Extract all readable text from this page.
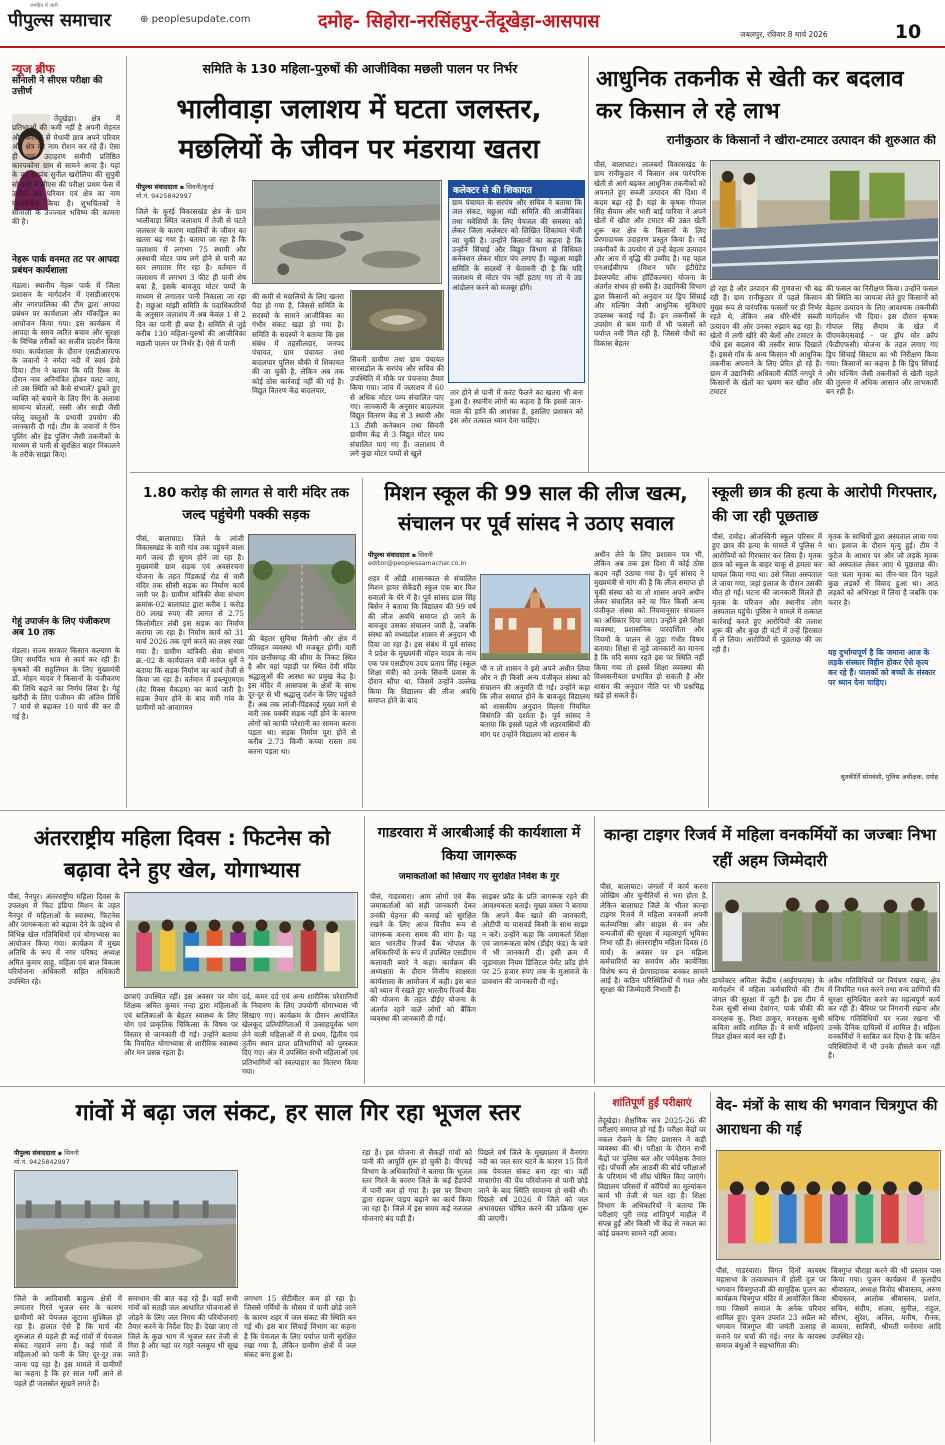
पीपुल्स समाचार
जनहित में जारी
⊕ peoplesupdate.com	दमोह- सिहोरा-नरसिंहपुर-तेंदूखेड़ा-आसपास
जबलपुर, रविवार 8 मार्च 2026	10
न्यूज ब्रीफ
सोनाली ने सीएस परीक्षा की उत्तीर्ण
तेंदूखेड़ा। क्षेत्र में प्रतिभाओं की कमी नहीं है अपनी मेहनत और परिश्रम से मेधावी छात्र अपने परिवार और क्षेत्र का नाम रोशन कर रहे हैं। ऐसा ही एक उदाहरण समीपी प्रतिष्ठित कारपकोना ग्राम से सामने आया है। यहां के पूर्व सरपंच सुनील खरोलिया की सुपुत्री सोनाली ने सीएस की परीक्षा प्रथम फेस में उत्तीर्ण कर परिवार एवं क्षेत्र का नाम गौरवान्वित किया है। शुभचिंतकों ने सोनाली के उज्ज्वल भविष्य की कामना की है।
नेहरू पार्क वनमत तट पर आपदा प्रबंधन कार्यशाला
मंडला। स्थानीय नेहरू पार्क में जिला प्रशासन के मार्गदर्शन में एसडीआरएफ और नगरपालिका की टीम द्वारा आपदा प्रबंधन पर कार्यशाला और मॉकड्रिल का आयोजन किया गया। इस कार्यक्रम में आपदा के समय त्वरित बचाव और सुरक्षा के विभिन्न तरीकों का सजीव प्रदर्शन किया गया। कार्यशाला के दौरान एसडीआरएफ के जवानों ने नर्मदा नदी में स्वयं डेमो दिया। टीम ने बताया कि यदि रिस्क के दौरान नाव अनियंत्रित होकर पलट जाए, तो उस स्थिति को कैसे संभालें? डूबते हुए व्यक्ति को बचाने के लिए रिंग के अलावा सामान्य बोतलों, रस्सी और साड़ी जैसी घरेलू वस्तुओं के प्रभावी उपयोग की जानकारी दी गई। टीम के जवानों ने पिन पुलिंग और हेड पुलिंग जैसी तकनीकों के माध्यम से पानी से सुरक्षित बाहर निकालने के तरीके साझा किए।
गेहूं उपार्जन के लिए पंजीकरण अब 10 तक
मंडला। राज्य सरकार किसान कल्याण के लिए समर्पित भाव से कार्य कर रही है। कृषकों की सहूलियत के लिए मुख्यमंत्री डॉ. मोहन यादव ने किसानों के पंजीकरण की तिथि बढ़ाने का निर्णय लिया है। गेहूं खरीदी के लिए पंजीयन की अंतिम तिथि 7 मार्च से बढ़ाकर 10 मार्च की कर दी गई है।
समिति के 130 महिला-पुरुषों की आजीविका मछली पालन पर निर्भर
भालीवाड़ा जलाशय में घटता जलस्तर, मछलियों के जीवन पर मंडराया खतरा
पीपुल्स संवाददाता ▪ सिवनी/कुरई
मो.नं. 9425842997	कलेक्टर से की शिकायत
ग्राम पंचायत के सरपंच और सचिव ने बताया कि जल संकट, मछुआ मंडी समिति की आजीविका तथा मवेशियों के लिए पेयजल की समस्या को लेकर जिला कलेक्टर को लिखित शिकायत भेजी जा चुकी है। उन्होंने किसानों का कहना है कि उन्होंने सिंचाई और विद्युत विभाग से विधिवत कनेक्शन लेकर मोटर पंप लगाए हैं। मछुआ माझी समिति के सदस्यों ने चेतावनी दी है कि यदि जलाशय से मोटर पंप नहीं हटाए गए तो वे उग्र आंदोलन करने को मजबूर होंगे।
जिले के कुरई विकासखंड क्षेत्र के ग्राम भालीवाड़ा स्थित जलाशय में तेजी से घटते जलस्तर के कारण मछलियों के जीवन का खतरा बढ़ गया है। बताया जा रहा है कि जलाशय में लगभग 75 स्थायी और अस्थायी मोटर पम्प लगे होने से पानी का स्तर लगातार गिर रहा है। वर्तमान में जलाशय में लगभग 3 फीट ही पानी शेष बचा है, इसके बावजूद मोटर पम्पों के माध्यम से लगातार पानी निकाला जा रहा है। मछुआ मांझी समिति के पदाधिकारियों के अनुसार जलाशय में अब केवल 1 से 2 दिन का पानी ही बचा है। समिति से जुड़े करीब 130 महिला-पुरुषों की आजीविका मछली पालन पर निर्भर है। ऐसे में पानी
की कमी से मछलियों के लिए खतरा पैदा हो गया है, जिससे समिति के सदस्यों के सामने आजीविका का गंभीर संकट खड़ा हो गया है। समिति के सदस्यों ने बताया कि इस संबंध में तहसीलदार, जनपद पंचायत, ग्राम पंचायत तथा बादलपार पुलिस चौकी में शिकायत की जा चुकी है, लेकिन अब तक कोई ठोस कार्रवाई नहीं की गई है। विद्युत वितरण केंद्र बादलपार,
सिवनी ग्रामीण तथा ग्राम पंचायत सारसडोल के सरपंच और सचिव की उपस्थिति में मौके पर पंचनामा तैयार किया गया। जांच में जलाशय में 60 से अधिक मोटर पम्प संचालित पाए गए। जानकारी के अनुसार बादलपार विद्युत वितरण केंद्र से 3 स्थायी और 13 टीसी कनेक्शन तथा सिवनी ग्रामीण केंद्र से 3 विद्युत मोटर पम्प संचालित पाए गए हैं। जलाशय में लगे कुछ मोटर पम्पों से खुले
तार होने से पानी में करंट फैलने का खतरा भी बना हुआ है। स्थानीय लोगों का कहना है कि इससे जान-माल की हानि की आशंका है, इसलिए प्रशासन को इस ओर तत्काल ध्यान देना चाहिए।
आधुनिक तकनीक से खेती कर बदलाव कर किसान ले रहे लाभ
रानीकुठार के किसानों ने खीरा-टमाटर उत्पादन की शुरुआत की
पीसं, बालाघाट। लालबर्रा विकासखंड के ग्राम रानीकुठार में किसान अब पारंपरिक खेती से आगे बढ़कर आधुनिक तकनीकों को अपनाते हुए सब्जी उत्पादन की दिशा में कदम बढ़ा रहे हैं। यहां के कृषक गोपाल सिंह सैयाम और भारी बाई पारिया ने अपने खेतों में खीरा और टमाटर की उन्नत खेती शुरू कर क्षेत्र के किसानों के लिए प्रेरणादायक उदाहरण प्रस्तुत किया है। नई तकनीकों के उपयोग से उन्हें बेहतर उत्पादन और आय में वृद्धि की उम्मीद है। यह पहल एनआईबीएफ (मिशन फॉर इंटीग्रेटेड डेवलपमेंट ऑफ हॉर्टिकल्चर) योजना के अंतर्गत संभव हो सकी है। उद्यानिकी विभाग द्वारा किसानों को अनुदान पर ड्रिप सिंचाई और मल्चिंग जैसी आधुनिक सुविधाएं उपलब्ध कराई गई हैं। इन तकनीकों के उपयोग से कम पानी में भी फसलों को पर्याप्त नमी मिल रही है, जिससे पौधों का विकास बेहतर
हो रहा है और उत्पादन की गुणवत्ता भी बढ़ रही है। ग्राम रानीकुठार में पहले किसान मुख्य रूप से पारंपरिक फसलों पर ही निर्भर रहते थे, लेकिन अब धीरे-धीरे सब्जी उत्पादन की ओर उनका रुझान बढ़ रहा है। खेतों में लगी खीरे की बेलों और टमाटर के पौधे इस बदलाव की तस्वीर साफ दिखाते हैं। इससे गाँव के अन्य किसान भी आधुनिक तकनीक अपनाने के लिए प्रेरित हो रहे हैं। ग्राम में उद्यानिकी अधिकारी कीर्ति नगपुरे ने किसानों के खेतों का भ्रमण कर खीरा और टमाटर
की फसल का निरीक्षण किया। उन्होंने फसल की स्थिति का जायजा लेते हुए किसानों को बेहतर उत्पादन के लिए आवश्यक तकनीकी मार्गदर्शन भी दिया। इस दौरान कृषक गोपाल सिंह सैयाम के खेत में पीएमकेएसवाई - पर ड्रॉप मोर क्रॉप (फैडीएफसी) योजना के तहत लगाए गए ड्रिप सिंचाई सिस्टम का भी निरीक्षण किया गया। किसानों का कहना है कि ड्रिप सिंचाई और मल्चिंग जैसी तकनीकों से खेती पहले की तुलना में अधिक आसान और लाभकारी बन रही है।
1.80 करोड़ की लागत से वारी मंदिर तक जल्द पहुंचेगी पक्की सड़क
पीसं, बालाघाट। जिले के लांजी विकासखंड के वारी गांव तक पहुंचने वाला मार्ग जल्द ही सुगम होने जा रहा है। मुख्यमंत्री ग्राम सड़क एवं अवसंरचना योजना के तहत पिंडकाई रोड से वारी मंदिर तक सीसी सड़क का निर्माण कार्य जारी पर है। ग्रामीण यांत्रिकी सेवा संभाग क्रमांक-02 बालाघाट द्वारा करीब 1 करोड़ 80 लाख रुपए की लागत से 2.75 किलोमीटर लंबी इस सड़क का निर्माण कराया जा रहा है। निर्माण कार्य को 31 मार्च 2026 तक पूर्ण करने का लक्ष्य रखा गया है। ग्रामीण यांत्रिकी सेवा संभाग क्र.-02 के कार्यपालन यंत्री मनोज धुर्वे ने बताया कि सड़क निर्माण का कार्य तेजी से किया जा रहा है। वर्तमान में डब्ल्यूएमएम (वेट मिक्स मैकडम) का कार्य जारी है। सड़क तैयार होने के बाद वारी गांव के ग्रामीणों को आवागमन
की बेहतर सुविधा मिलेगी और क्षेत्र में परिवहन व्यवस्था भी मजबूत होगी। वारी गांव छत्तीसगढ़ की सीमा के निकट स्थित है और यहां पहाड़ी पर स्थित देवी मंदिर श्रद्धालुओं की आस्था का प्रमुख केंद्र है। इस मंदिर में आसपास के क्षेत्रों के साथ दूर-दूर से भी श्रद्धालु दर्शन के लिए पहुंचते हैं। अब तक लांजी-पिंडकाई मुख्य मार्ग से वारी तक पक्की सड़क नहीं होने के कारण लोगों को काफी परेशानी का सामना करना पड़ता था। सड़क निर्माण पूरा होने से करीब 2.73 किमी कच्चा रास्ता तय करना पड़ता था।
मिशन स्कूल की 99 साल की लीज खत्म, संचालन पर पूर्व सांसद ने उठाए सवाल
पीपुल्स संवाददाता ▪ सिवनी
editor@peoplessamachar.co.in
शहर में ओंडी शासनकाल से संचालित मिशन हायर सेकेंडरी स्कूल एक बार फिर सवालों के घेरे में है। पूर्व सांसद ढाल सिंह बिसेन ने बताया कि विद्यालय की 99 वर्ष की लीज अवधि समाप्त हो जाने के बावजूद उसका संचालन जारी है, जबकि संस्था को मध्यप्रदेश शासन से अनुदान भी दिया जा रहा है। इस संबंध में पूर्व सांसद ने प्रदेश के मुख्यमंत्री मोहन यादव के नाम एक पत्र एसडीएम उदय प्रताप सिंह (स्कूल शिक्षा मंत्री) को उनके सिवनी प्रवास के दौरान सौंपा था, जिसमें उन्होंने उल्लेख किया कि विद्यालय की लीज अवधि समाप्त होने के बाद
भी न तो शासन ने इसे अपने अधीन लिया और न ही किसी अन्य पंजीकृत संस्था को संचालन की अनुमति दी गई। उन्होंने कहा कि लीज समाप्त होने के बावजूद विद्यालय को शासकीय अनुदान मिलना नियमित विसंगति की दर्शाता है। पूर्व सांसद ने बताया कि इससे पहले भी शहरवासियों की मांग पर उन्होंने विद्यालय को शासन के
अधीन लेने के लिए प्रशासन पत्र भी, लेकिन अब तक इस दिशा में कोई ठोस कदम नहीं उठाया गया है। पूर्व सांसद ने मुख्यमंत्री से मांग की है कि लीज समाप्त हो चुकी संस्था को या तो शासन अपने अधीन लेकर संचालित करे या फिर किसी अन्य पंजीकृत संस्था को नियमानुसार संचालन का अधिकार दिया जाए। उन्होंने इसे शिक्षा व्यवस्था, प्रशासनिक पारदर्शिता और नियमों के पालन से जुड़ा गंभीर विषय बताया। शिक्षा से जुड़े जानकारों का मानना है कि यदि समय रहते इस पर स्थिति नहीं किया गया तो इससे शिक्षा व्यवस्था की विश्वसनीयता प्रभावित हो सकती है और शासन की अनुदान नीति पर भी प्रश्नचिह्न खड़े हो सकते हैं।
स्कूली छात्र की हत्या के आरोपी गिरफ्तार, की जा रही पूछताछ
पीसं, दमोह। ओजस्विनी स्कूल परिसर में हुए छात्र की हत्या के मामले में पुलिस ने आरोपियों को गिरफ्तार कर लिया है। मृतक छात्र को स्कूल के बाहर चाकू से हमला कर घायल किया गया था। उसे जिला अस्पताल ले जाया गया, जहां इलाज के दौरान उसकी मौत हो गई। घटना की जानकारी मिलते ही मृतक के परिजन और स्थानीय लोग अस्पताल पहुंचे। पुलिस ने मामले में तत्काल कार्रवाई करते हुए आरोपियों की तलाश शुरू की और कुछ ही घंटों में उन्हें हिरासत में ले लिया। आरोपियों से पूछताछ की जा रही है।
मृतक के साथियों द्वारा अस्पताल लाया गया था। इलाज के दौरान मृत्यु हुई। टीम ने फुटेज के आधार पर और जो लड़के मृतक को अस्पताल लेकर आए थे पूछताछ की। पता चला मृतक का तीन-चार दिन पहले कुछ लड़कों से विवाद हुआ था। आठ लड़कों को अभिरक्षा में लिया है जबकि एक फरार है।
यह दुर्भाग्यपूर्ण है कि जमाना आज के लड़के संस्कार विहीन होकर ऐसे कृत्य कर रहे हैं। पालकों को बच्चों के संस्कार पर ध्यान देना चाहिए।
श्रुतकीर्ति सोमवंशी, पुलिस अधीक्षक, दमोह
अंतरराष्ट्रीय महिला दिवस : फिटनेस को बढ़ावा देने हुए खेल, योगाभ्यास
पीसं, नैनपुर। अंतरराष्ट्रीय महिला दिवस के उपलक्ष्य में फिट इंडिया मिशन के तहत नैनपुर में महिलाओं के स्वास्थ्य, फिटनेस और जागरूकता को बढ़ावा देने के उद्देश्य से विभिन्न खेल गतिविधियों एवं योगाभ्यास का आयोजन किया गया। कार्यक्रम में मुख्य अतिथि के रूप में नगर परिषद अध्यक्ष अमित कुमार साहू, महिला एवं बाल विकास परियोजना अधिकारी सहित अधिकारी उपस्थित रहे।
छात्राएं उपस्थित रहीं। इस अवसर पर योग शिक्षक अमित कुमार नन्दा द्वारा महिलाओं एवं बालिकाओं के बेहतर स्वास्थ्य के लिए योग एवं प्राकृतिक चिकित्सा के विषय पर विस्तार से जानकारी दी गई। उन्होंने बताया कि नियमित योगाभ्यास से शारीरिक स्वास्थ्य और मन प्रसन्न रहता है।
दर्द, कमर दर्द एवं अन्य शारीरिक परेशानियों के निवारण के लिए उपयोगी योगाभ्यास भी सिखाए गए। कार्यक्रम के दौरान आयोजित खेलकूद प्रतियोगिताओं में उत्साहपूर्वक भाग लेने वाली महिलाओं में से प्रथम, द्वितीय एवं तृतीय स्थान प्राप्त प्रतिभागियों को पुरस्कार दिए गए। अंत में उपस्थित सभी महिलाओं एवं प्रतिभागियों को स्वल्पाहार का वितरण किया गया।
गाडरवारा में आरबीआई की कार्यशाला में किया जागरूक
जमाकर्ताओं को सिखाए गए सुरक्षित निवेश के गुर
पीसं, गाडरवारा। आम लोगों एवं बैंक जमाकर्ताओं को सही जानकारी देकर उनकी मेहनत की कमाई को सुरक्षित रखने के लिए आज वित्तीय रूप से जागरूक करना समय की मांग है। यह बात भारतीय रिजर्व बैंक भोपाल के अधिकारियों के रूप में उपस्थित एसडीएम कलावती ब्यारे ने कहा। कार्यक्रम की अध्यक्षता के दौरान वित्तीय साक्षरता कार्यशाला के आयोजन में कही। इस बात को ध्यान में रखते हुए भारतीय रिजर्व बैंक की योजना के तहत डीईए योजना के अंतर्गत रहने वाले लोगों को बैंकिंग व्यवस्था की जानकारी दी गई।
साइबर फ्रॉड के प्रति जागरूक रहने की आवश्यकता बताई। मुख्य वक्ता ने बताया कि अपने बैंक खाते की जानकारी, ओटीपी या पासवर्ड किसी के साथ साझा न करें। उन्होंने कहा कि जमाकर्ता शिक्षा एवं जागरूकता कोष (डीईए फंड) के बारे में भी जानकारी दी। इसी क्रम में जुड़ावाला नियम डिजिटल पेमेंट फ्रॉड होने पर 25 हजार रुपए तक के मुआवजे के प्रावधान की जानकारी दी गई।
कान्हा टाइगर रिजर्व में महिला वनकर्मियों का जज्बाः निभा रहीं अहम जिम्मेदारी
पीसं, बालाघाट। जंगलों में कार्य करना जोखिम और चुनौतियों से भरा होता है, लेकिन बालाघाट जिले के भीतर कान्हा टाइगर रिजर्व में महिला वनकर्मी अपनी कर्तव्यनिष्ठा और साहस से वन और वन्यजीवों की सुरक्षा में महत्वपूर्ण भूमिका निभा रही हैं। अंतरराष्ट्रीय महिला दिवस (8 मार्च) के अवसर पर इन महिला कर्मचारियों का समर्पण और कार्यनिष्ठा विशेष रूप से प्रेरणादायक बनकर सामने आई है। कठिन परिस्थितियों में गश्त और सुरक्षा की जिम्मेदारी निभाती हैं।
डायरेक्टर अमिता केंद्रीय (आईएफएस) के मार्गदर्शन में महिला कर्मचारियों की टीम जंगल की सुरक्षा में जुटी है। इस टीम में रेंजर सुश्री संध्या देवांगन, पार्क चौकी की वनरक्षक कु. निशा ठाकुर, वनरक्षक सुश्री कविता आदि शामिल हैं। ये सभी महिलाएं निडर होकर कार्य कर रही हैं।
अवैध गतिविधियों पर नियंत्रण रखना, क्षेत्र में नियमित गश्त करने तथा वन्य प्राणियों की सुरक्षा सुनिश्चित करने का महत्वपूर्ण कार्य कर रही हैं। बैरियर पर निगरानी रखना और संदिग्ध गतिविधियों पर नजर रखना भी उनके दैनिक दायित्वों में शामिल है। महिला वनकर्मियों ने साबित कर दिया है कि कठिन परिस्थितियों में भी उनके हौसले कम नहीं हैं।
गांवों में बढ़ा जल संकट, हर साल गिर रहा भूजल स्तर
पीपुल्स संवाददाता ▪ सिवनी
मो.नं. 9425842997
जिले के आदिवासी बाहुल्य क्षेत्रों में लगातार गिरते भूजल स्तर के कारण ग्रामीणों को पेयजल जुटाना मुश्किल हो रहा है। हालात ऐसे हैं कि मार्च की शुरुआत से पहले ही कई गांवों में पेयजल संकट गहराने लगा है। कई गांवों में महिलाओं को पानी के लिए दूर-दूर तक जाना पड़ रहा है। इस मामले में ग्रामीणों का कहना है कि हर साल गर्मी आने से पहले ही जलस्रोत सूखने लगते हैं।
समाधान की बात कह रहे हैं। यहाँ सभी गांवों को सतही जल आधारित योजनाओं से जोड़ने के लिए जल निगम की परियोजनाएं तैयार करने के निर्देश दिए हैं। देखा जाए तो जिले के कुछ भाग में भूजल स्तर तेजी से गिरा है और यहां पर गहरे नलकूप भी सूख जाते हैं।
लगभग 15 सेंटीमीटर कम हो रहा है। जिससे गर्मियों के मौसम में पानी छोड़े जाने के कारण शहर में जल संकट की स्थिति बन गई थी। इस बार सिंचाई विभाग का कहना है कि पेयजल के लिए पर्याप्त पानी सुरक्षित रखा गया है, लेकिन ग्रामीण क्षेत्रों में जल संकट बना हुआ है।
रहा है। इस योजना से सैकड़ों गांवों को पानी की आपूर्ति शुरू हो चुकी है। पीएचई विभाग के अधिकारियों ने बताया कि भूजल स्तर गिरने के कारण जिले के कई हैंडपंपों में पानी कम हो गया है। इस पर विभाग द्वारा राइजर पाइप बढ़ाने का कार्य किया जा रहा है। जिले में इस समय कई नलजल योजनाएं बंद पड़ी हैं।
पिछले वर्ष जिले के मुख्यालय में वैनगंगा नदी का जल स्तर घटने के कारण 15 दिनों तक पेयजल संकट बना रहा था। वहीं माचागोरा की पेंच परियोजना से पानी छोड़े जाने के बाद स्थिति सामान्य हो सकी थी। पिछले वर्ष 2026 में जिले को जल अभावग्रस्त घोषित करने की प्रक्रिया शुरू की जाएगी।
शांतिपूर्ण हुईं परीक्षाएं
तेंदूखेड़ा। शैक्षणिक सत्र 2025-26 की परीक्षाएं समाप्त हो गई हैं। परीक्षा केंद्रों पर नकल रोकने के लिए प्रशासन ने कड़ी व्यवस्था की थी। परीक्षा के दौरान सभी केंद्रों पर पुलिस बल और पर्यवेक्षक तैनात रहे। पाँचवीं और आठवीं की बोर्ड परीक्षाओं के परिणाम भी शीघ्र घोषित किए जाएंगे। विद्यालय परिसरों में कॉपियों का मूल्यांकन कार्य भी तेजी से चल रहा है। शिक्षा विभाग के अधिकारियों ने बताया कि परीक्षाएं पूरी तरह शांतिपूर्ण माहौल में संपन्न हुईं और किसी भी केंद्र से नकल का कोई प्रकरण सामने नहीं आया।
वेद- मंत्रों के साथ की भगवान चित्रगुप्त की आराधना की गई
पीसं, गाडरवारा। विगत दिनों कायस्थ महासभा के तत्वावधान में होली दूज पर भगवान चित्रगुप्तजी की सामूहिक पूजन का कार्यक्रम चित्रगुप्त मंदिर में आयोजित किया गया जिसमें समाज के अनेक परिवार शामिल हुए। पूजन उपरांत 23 अप्रैल को भगवान चित्रगुप्त की जयंती उत्साह से मनाने पर चर्चा की गई। नगर के कायस्थ समाज बंधुओं ने सहभागिता की।
चित्रगुप्त चौराहा करने की भी प्रस्ताव पास किया गया। पूजन कार्यक्रम में कुलदीप श्रीवास्तव, अध्यक्ष विनोद श्रीवास्तव, अरुण श्रीवास्तव, आलोक श्रीवास्तव, प्रशांत, सचिन, संदीप, संजय, सुनील, राहुल, सौरभ, सुरेश, अनिल, मनीष, रौनक, कामना, सावित्री, श्रीमती मनोरमा आदि उपस्थित रहे।
